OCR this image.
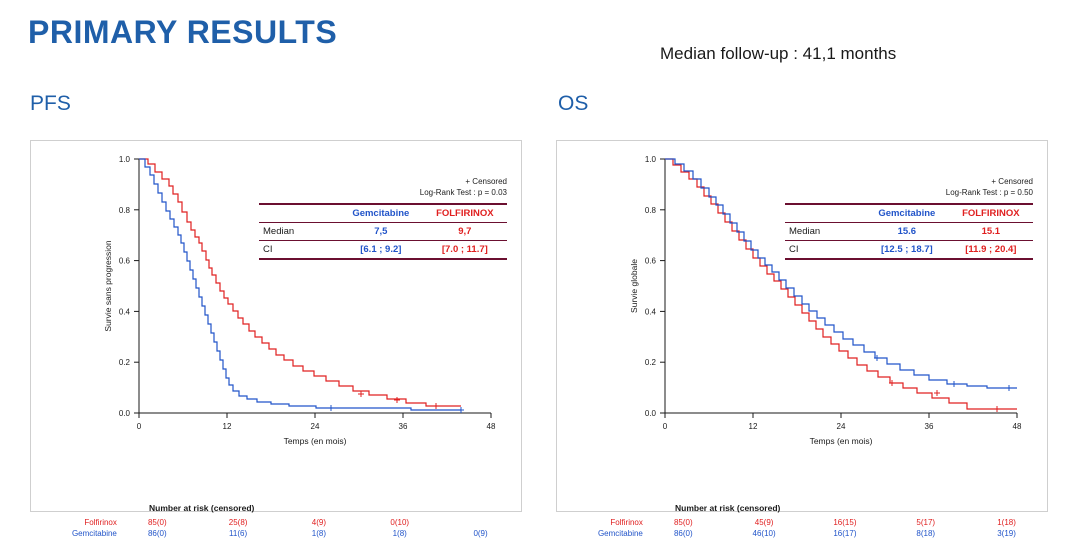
PRIMARY RESULTS
Median follow-up : 41,1 months
PFS	OS
0.0
0.2
0.4
0.6
0.8
1.0
0	12	24	36	48
Temps (en mois)
Survie sans progression
+ Censored
Log-Rank Test : p = 0.03
	Gemcitabine	FOLFIRINOX
Median	7,5	9,7
CI	[6.1 ; 9.2]	[7.0 ; 11.7]
Number at risk (censored)
Folfirinox	85(0)	25(8)	4(9)	0(10)	
Gemcitabine	86(0)	11(6)	1(8)	1(8)	0(9)
0.0
0.2
0.4
0.6
0.8
1.0
0	12	24	36	48
Temps (en mois)
Survie globale
+ Censored
Log-Rank Test : p = 0.50
	Gemcitabine	FOLFIRINOX
Median	15.6	15.1
CI	[12.5 ; 18.7]	[11.9 ; 20.4]
Number at risk (censored)
Folfirinox	85(0)	45(9)	16(15)	5(17)	1(18)
Gemcitabine	86(0)	46(10)	16(17)	8(18)	3(19)
